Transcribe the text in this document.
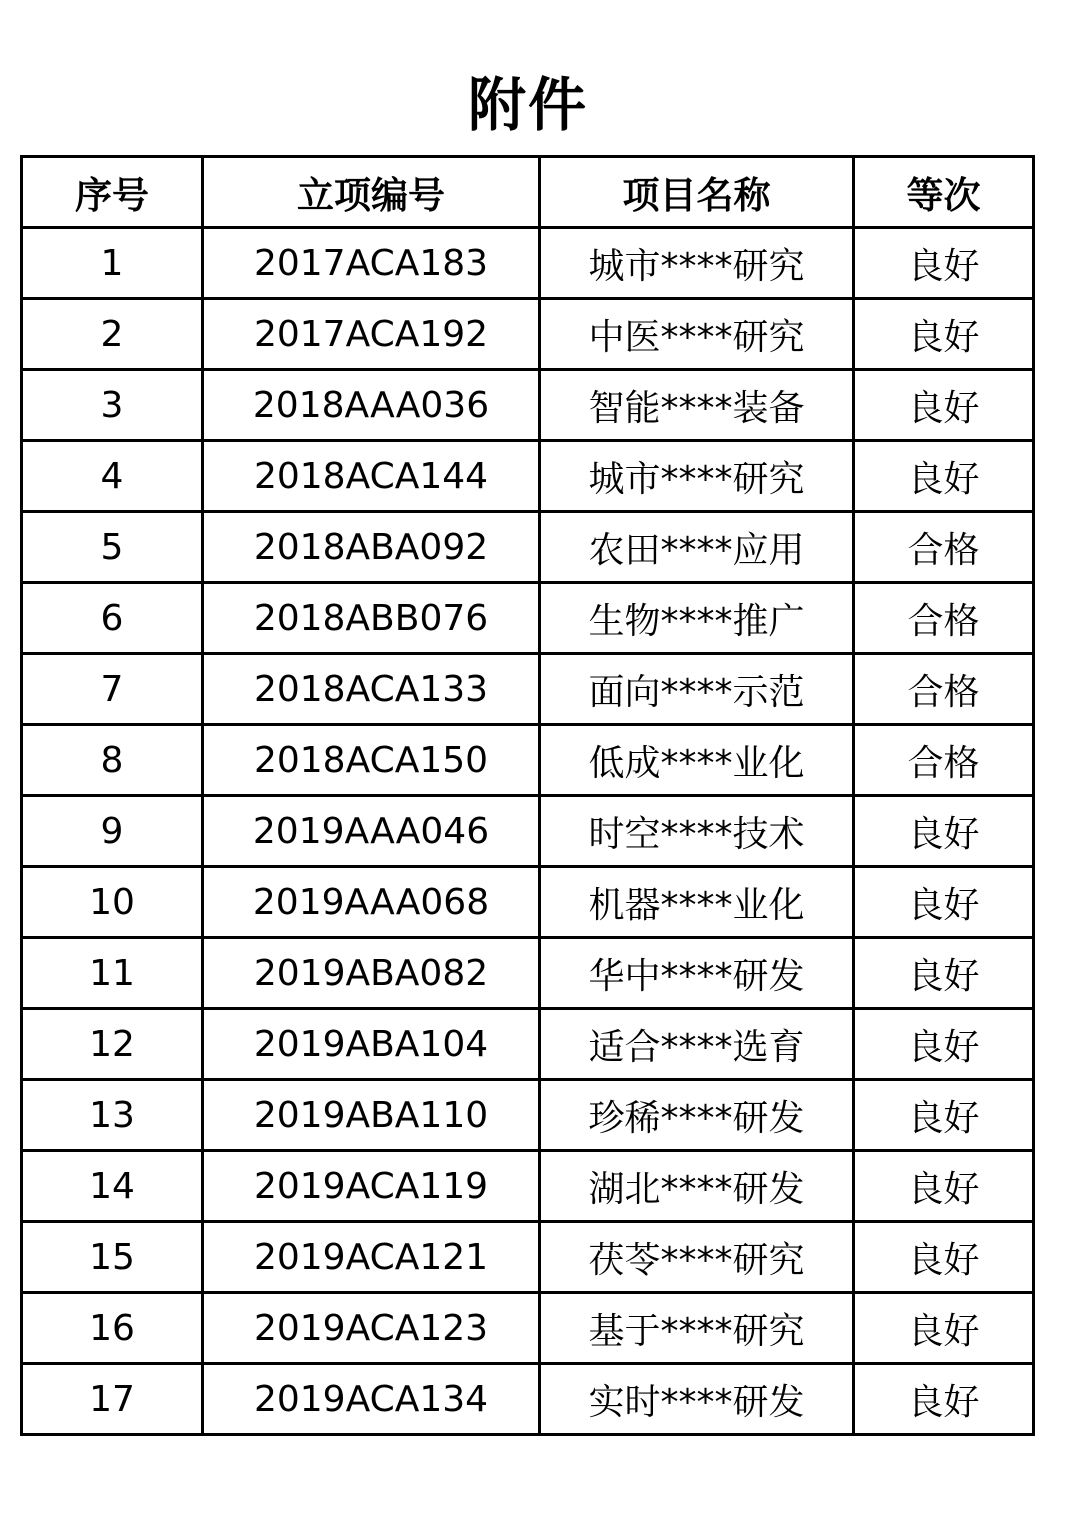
附件
序号	立项编号	项目名称	等次
1	2017ACA183	城市****研究	良好
2	2017ACA192	中医****研究	良好
3	2018AAA036	智能****装备	良好
4	2018ACA144	城市****研究	良好
5	2018ABA092	农田****应用	合格
6	2018ABB076	生物****推广	合格
7	2018ACA133	面向****示范	合格
8	2018ACA150	低成****业化	合格
9	2019AAA046	时空****技术	良好
10	2019AAA068	机器****业化	良好
11	2019ABA082	华中****研发	良好
12	2019ABA104	适合****选育	良好
13	2019ABA110	珍稀****研发	良好
14	2019ACA119	湖北****研发	良好
15	2019ACA121	茯苓****研究	良好
16	2019ACA123	基于****研究	良好
17	2019ACA134	实时****研发	良好
